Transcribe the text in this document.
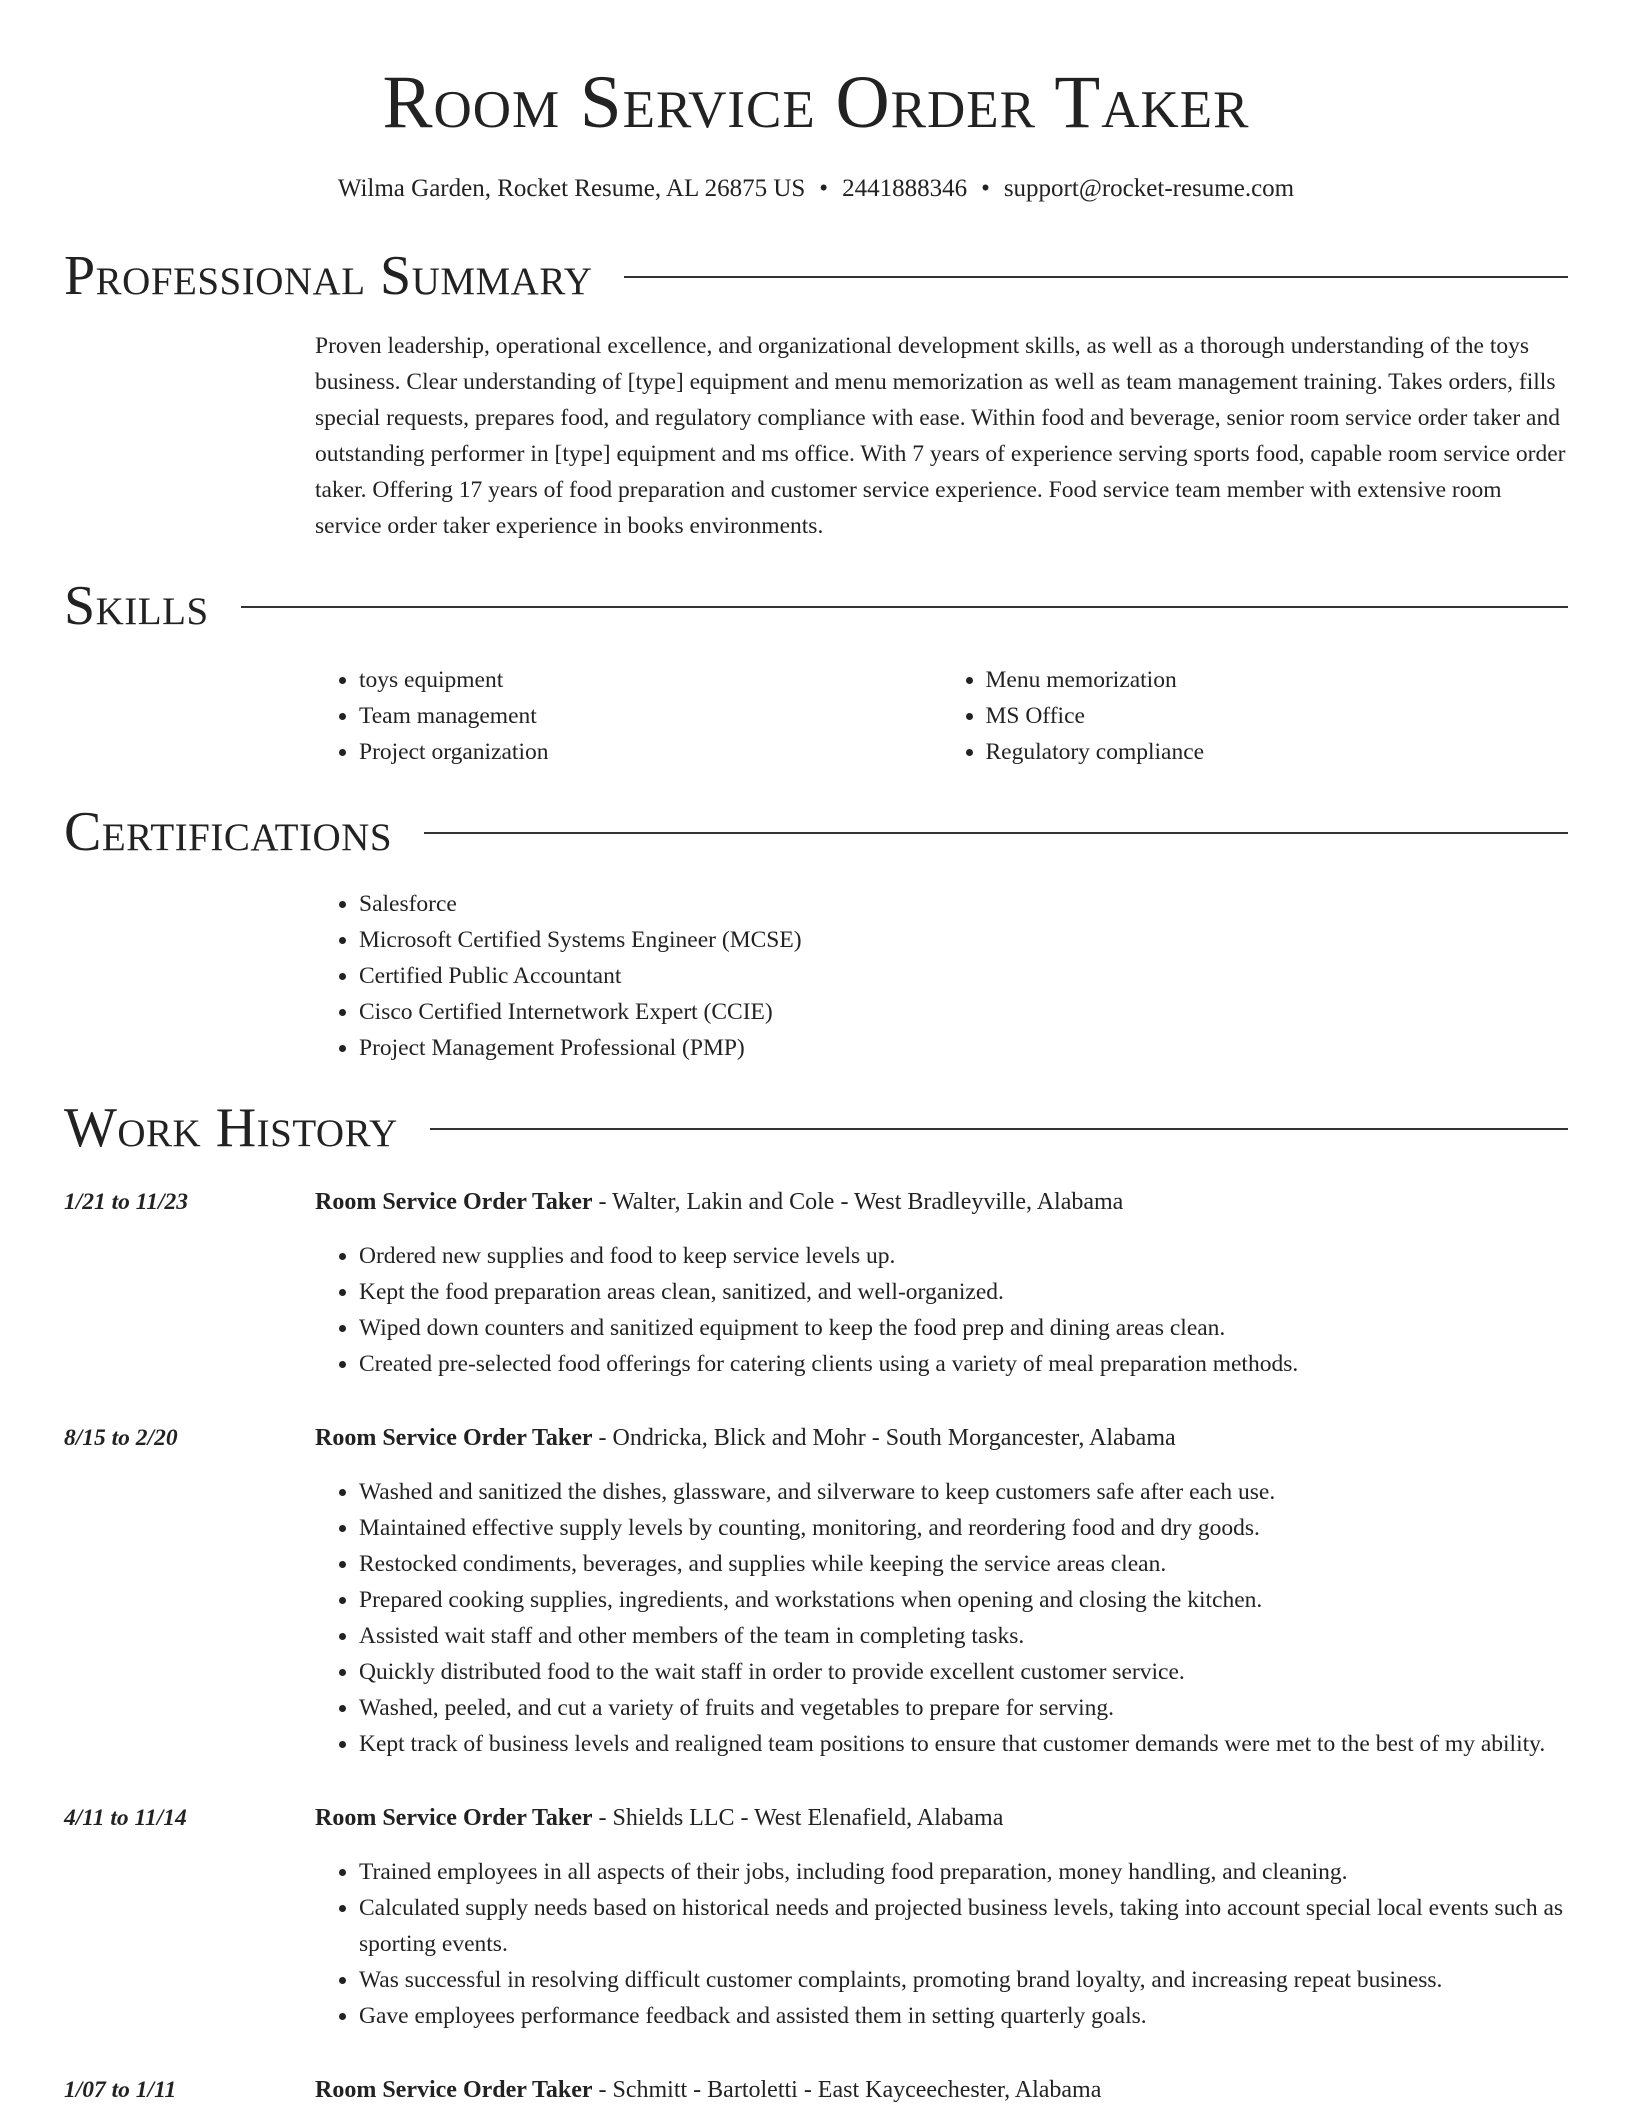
Room Service Order Taker
Wilma Garden, Rocket Resume, AL 26875 US • 2441888346 • support@rocket-resume.com
Professional Summary
Proven leadership, operational excellence, and organizational development skills, as well as a thorough understanding of the toys business. Clear understanding of [type] equipment and menu memorization as well as team management training. Takes orders, fills special requests, prepares food, and regulatory compliance with ease. Within food and beverage, senior room service order taker and outstanding performer in [type] equipment and ms office. With 7 years of experience serving sports food, capable room service order taker. Offering 17 years of food preparation and customer service experience. Food service team member with extensive room service order taker experience in books environments.
Skills
• toys equipment
• Team management
• Project organization
• Menu memorization
• MS Office
• Regulatory compliance
Certifications
• Salesforce
• Microsoft Certified Systems Engineer (MCSE)
• Certified Public Accountant
• Cisco Certified Internetwork Expert (CCIE)
• Project Management Professional (PMP)
Work History
1/21 to 11/23	Room Service Order Taker - Walter, Lakin and Cole - West Bradleyville, Alabama
• Ordered new supplies and food to keep service levels up.
• Kept the food preparation areas clean, sanitized, and well-organized.
• Wiped down counters and sanitized equipment to keep the food prep and dining areas clean.
• Created pre-selected food offerings for catering clients using a variety of meal preparation methods.
8/15 to 2/20	Room Service Order Taker - Ondricka, Blick and Mohr - South Morgancester, Alabama
• Washed and sanitized the dishes, glassware, and silverware to keep customers safe after each use.
• Maintained effective supply levels by counting, monitoring, and reordering food and dry goods.
• Restocked condiments, beverages, and supplies while keeping the service areas clean.
• Prepared cooking supplies, ingredients, and workstations when opening and closing the kitchen.
• Assisted wait staff and other members of the team in completing tasks.
• Quickly distributed food to the wait staff in order to provide excellent customer service.
• Washed, peeled, and cut a variety of fruits and vegetables to prepare for serving.
• Kept track of business levels and realigned team positions to ensure that customer demands were met to the best of my ability.
4/11 to 11/14	Room Service Order Taker - Shields LLC - West Elenafield, Alabama
• Trained employees in all aspects of their jobs, including food preparation, money handling, and cleaning.
• Calculated supply needs based on historical needs and projected business levels, taking into account special local events such as sporting events.
• Was successful in resolving difficult customer complaints, promoting brand loyalty, and increasing repeat business.
• Gave employees performance feedback and assisted them in setting quarterly goals.
1/07 to 1/11	Room Service Order Taker - Schmitt - Bartoletti - East Kayceechester, Alabama
